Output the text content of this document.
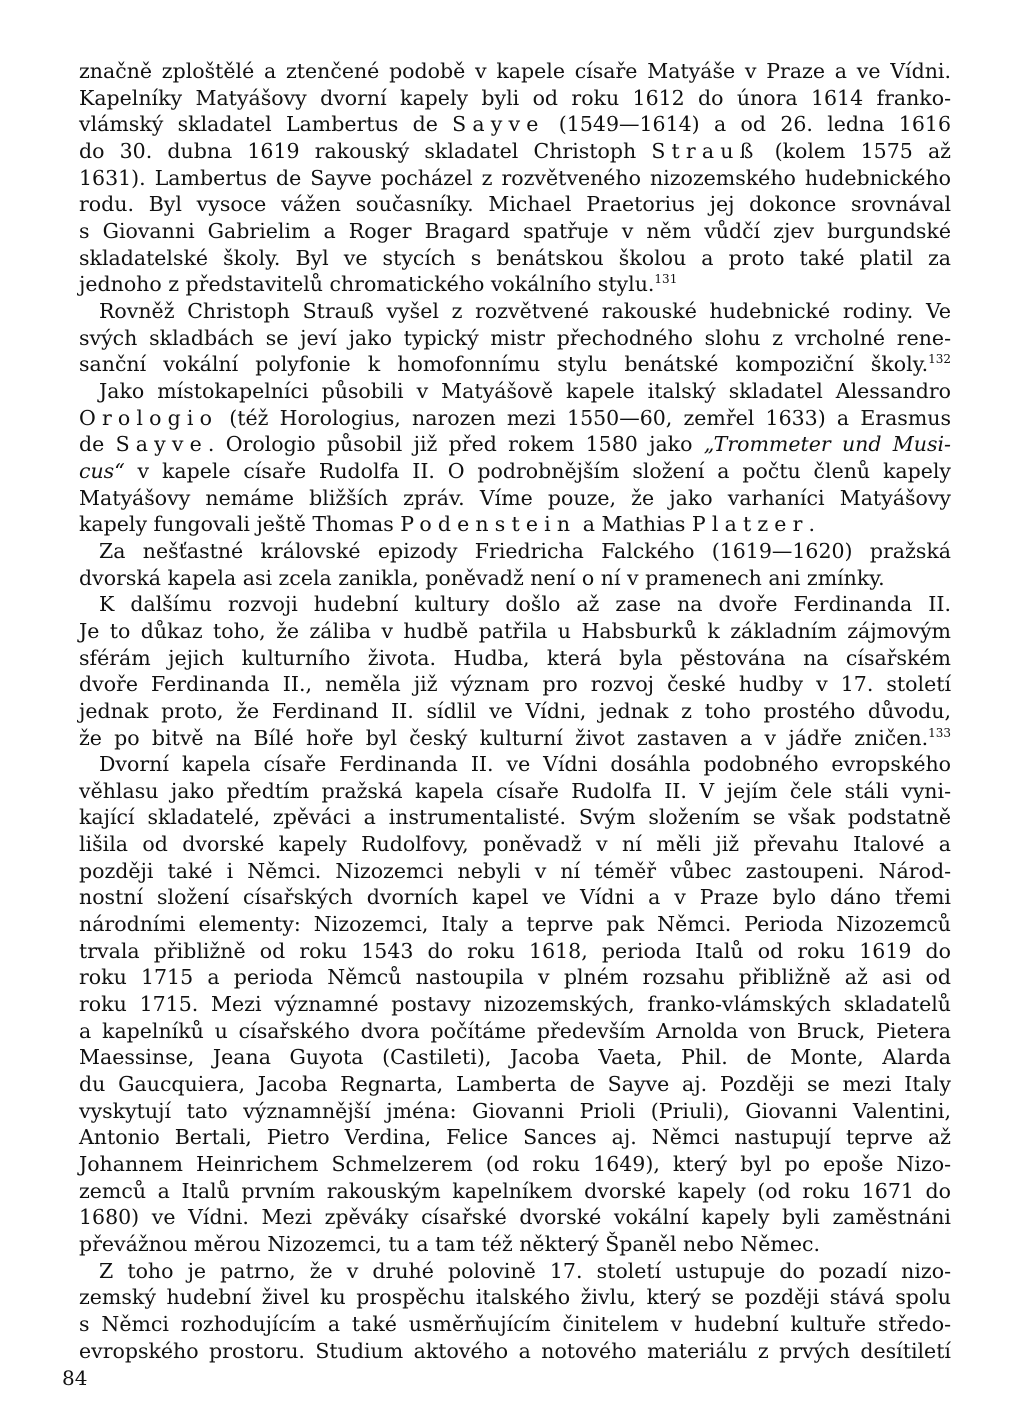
značně zploštělé a ztenčené podobě v kapele císaře Matyáše v Praze a ve Vídni.
Kapelníky Matyášovy dvorní kapely byli od roku 1612 do února 1614 franko-
vlámský skladatel Lambertus de Sayve (1549—1614) a od 26. ledna 1616
do 30. dubna 1619 rakouský skladatel Christoph Strauß (kolem 1575 až
1631). Lambertus de Sayve pocházel z rozvětveného nizozemského hudebnického
rodu. Byl vysoce vážen současníky. Michael Praetorius jej dokonce srovnával
s Giovanni Gabrielim a Roger Bragard spatřuje v něm vůdčí zjev burgundské
skladatelské školy. Byl ve stycích s benátskou školou a proto také platil za
jednoho z představitelů chromatického vokálního stylu.$^{131}$
Rovněž Christoph Strauß vyšel z rozvětvené rakouské hudebnické rodiny. Ve
svých skladbách se jeví jako typický mistr přechodného slohu z vrcholné rene-
sanční vokální polyfonie k homofonnímu stylu benátské kompoziční školy.$^{132}$
Jako místokapelníci působili v Matyášově kapele italský skladatel Alessandro
Orologio (též Horologius, narozen mezi 1550—60, zemřel 1633) a Erasmus
de Sayve. Orologio působil již před rokem 1580 jako „Trommeter und Musi‑
cus“ v kapele císaře Rudolfa II. O podrobnějším složení a počtu členů kapely
Matyášovy nemáme bližších zpráv. Víme pouze, že jako varhaníci Matyášovy
kapely fungovali ještě Thomas Podenstein a Mathias Platzer.
Za nešťastné královské epizody Friedricha Falckého (1619—1620) pražská
dvorská kapela asi zcela zanikla, poněvadž není o ní v pramenech ani zmínky.
K dalšímu rozvoji hudební kultury došlo až zase na dvoře Ferdinanda II.
Je to důkaz toho, že záliba v hudbě patřila u Habsburků k základním zájmovým
sférám jejich kulturního života. Hudba, která byla pěstována na císařském
dvoře Ferdinanda II., neměla již význam pro rozvoj české hudby v 17. století
jednak proto, že Ferdinand II. sídlil ve Vídni, jednak z toho prostého důvodu,
že po bitvě na Bílé hoře byl český kulturní život zastaven a v jádře zničen.$^{133}$
Dvorní kapela císaře Ferdinanda II. ve Vídni dosáhla podobného evropského
věhlasu jako předtím pražská kapela císaře Rudolfa II. V jejím čele stáli vyni-
kající skladatelé, zpěváci a instrumentalisté. Svým složením se však podstatně
lišila od dvorské kapely Rudolfovy, poněvadž v ní měli již převahu Italové a
později také i Němci. Nizozemci nebyli v ní téměř vůbec zastoupeni. Národ-
nostní složení císařských dvorních kapel ve Vídni a v Praze bylo dáno třemi
národními elementy: Nizozemci, Italy a teprve pak Němci. Perioda Nizozemců
trvala přibližně od roku 1543 do roku 1618, perioda Italů od roku 1619 do
roku 1715 a perioda Němců nastoupila v plném rozsahu přibližně až asi od
roku 1715. Mezi významné postavy nizozemských, franko-vlámských skladatelů
a kapelníků u císařského dvora počítáme především Arnolda von Bruck, Pietera
Maessinse, Jeana Guyota (Castileti), Jacoba Vaeta, Phil. de Monte, Alarda
du Gaucquiera, Jacoba Regnarta, Lamberta de Sayve aj. Později se mezi Italy
vyskytují tato významnější jména: Giovanni Prioli (Priuli), Giovanni Valentini,
Antonio Bertali, Pietro Verdina, Felice Sances aj. Němci nastupují teprve až
Johannem Heinrichem Schmelzerem (od roku 1649), který byl po epoše Nizo-
zemců a Italů prvním rakouským kapelníkem dvorské kapely (od roku 1671 do
1680) ve Vídni. Mezi zpěváky císařské dvorské vokální kapely byli zaměstnáni
převážnou měrou Nizozemci, tu a tam též některý Španěl nebo Němec.
Z toho je patrno, že v druhé polovině 17. století ustupuje do pozadí nizo-
zemský hudební živel ku prospěchu italského živlu, který se později stává spolu
s Němci rozhodujícím a také usměrňujícím činitelem v hudební kultuře středo-
evropského prostoru. Studium aktového a notového materiálu z prvých desítiletí
84
